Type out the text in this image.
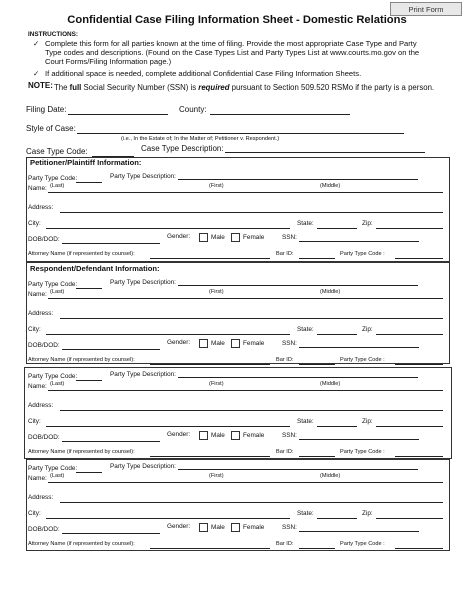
Print Form
Confidential Case Filing Information Sheet - Domestic Relations
INSTRUCTIONS:
✓ Complete this form for all parties known at the time of filing. Provide the most appropriate Case Type and Party
Type codes and descriptions. (Found on the Case Types List and Party Types List at www.courts.mo.gov on the
Court Forms/Filing Information page.)
✓ If additional space is needed, complete additional Confidential Case Filing Information Sheets.
NOTE: The full Social Security Number (SSN) is required pursuant to Section 509.520 RSMo if the party is a person.
Filing Date:	County:
Style of Case:
(i.e., In the Estate of; In the Matter of; Petitioner v. Respondent.)
Case Type Code:	Case Type Description:
Petitioner/Plaintiff Information:
Respondent/Defendant Information:
Party Type Code:	Party Type Description:
Name: (Last)	(First)	(Middle)
Address:
City:	State:	Zip:
DOB/DOD:	Gender:	Male	Female	SSN:
Attorney Name (if represented by counsel):	Bar ID:	Party Type Code :
Party Type Code:	Party Type Description:
Name: (Last)	(First)	(Middle)
Address:
City:	State:	Zip:
DOB/DOD:	Gender:	Male	Female	SSN:
Attorney Name (if represented by counsel):	Bar ID:	Party Type Code :
Party Type Code:	Party Type Description:
Name: (Last)	(First)	(Middle)
Address:
City:	State:	Zip:
DOB/DOD:	Gender:	Male	Female	SSN:
Attorney Name (if represented by counsel):	Bar ID:	Party Type Code :
Party Type Code:	Party Type Description:
Name: (Last)	(First)	(Middle)
Address:
City:	State:	Zip:
DOB/DOD:	Gender:	Male	Female	SSN:
Attorney Name (if represented by counsel):	Bar ID:	Party Type Code :
